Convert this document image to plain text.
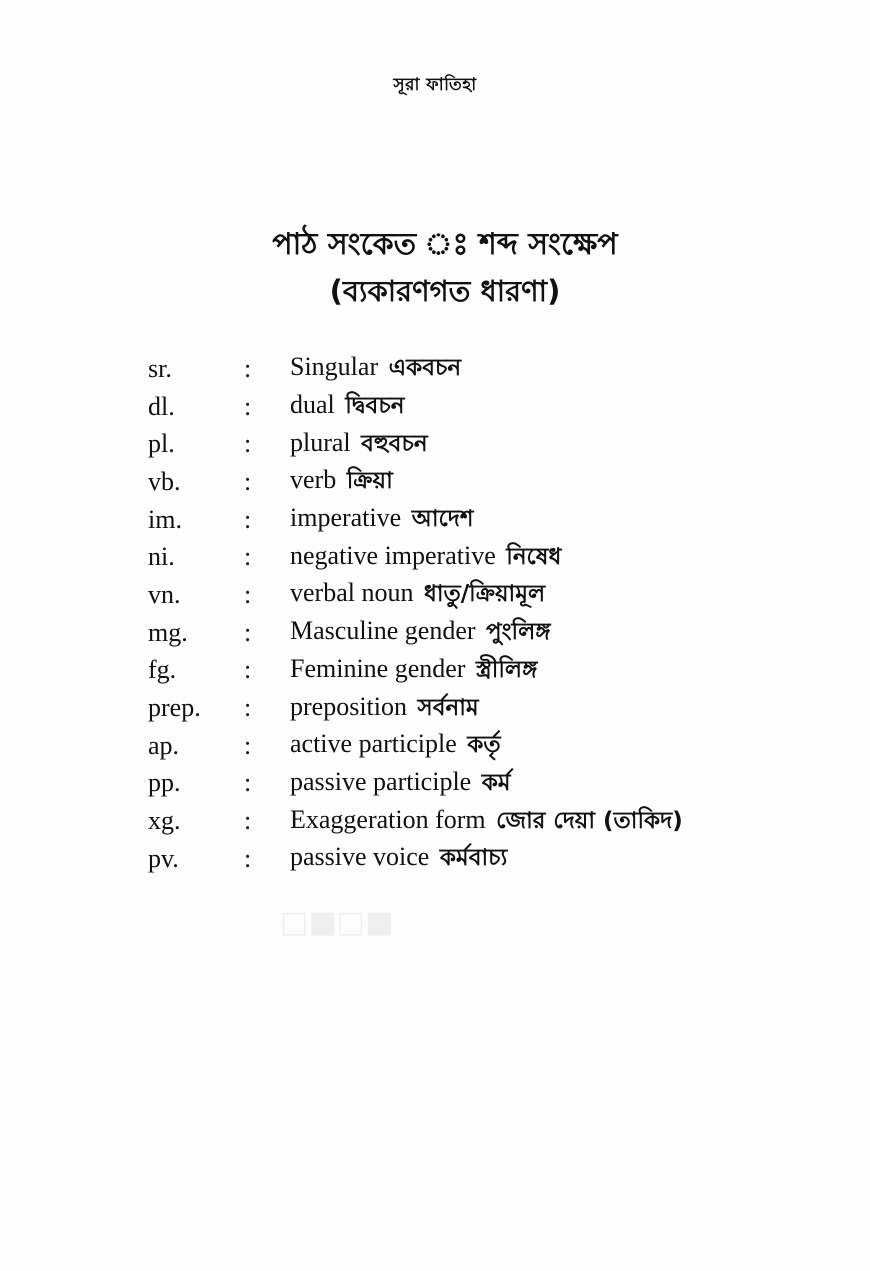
■□■□
সূরা ফাতিহা
পাঠ সংকেত ঃ শব্দ সংক্ষেপ
(ব্যকারণগত ধারণা)
sr.	:	Singular একবচন
dl.	:	dual দ্বিবচন
pl.	:	plural বহুবচন
vb.	:	verb ক্রিয়া
im.	:	imperative আদেশ
ni.	:	negative imperative নিষেধ
vn.	:	verbal noun ধাতু/ক্রিয়ামূল
mg.	:	Masculine gender পুংলিঙ্গ
fg.	:	Feminine gender স্ত্রীলিঙ্গ
prep.	:	preposition সর্বনাম
ap.	:	active participle কর্তৃ
pp.	:	passive participle কর্ম
xg.	:	Exaggeration form জোর দেয়া (তাকিদ)
pv.	:	passive voice কর্মবাচ্য
